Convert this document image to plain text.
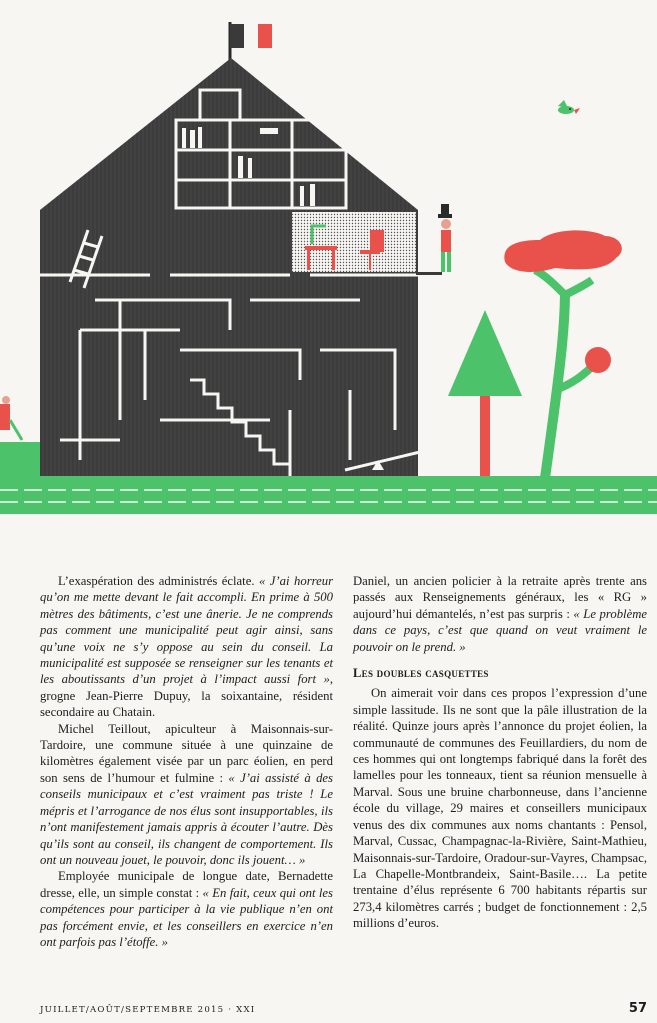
L’exaspération des administrés éclate. « J’ai horreur qu’on me mette devant le fait accompli. En prime à 500 mètres des bâtiments, c’est une ânerie. Je ne comprends pas comment une municipalité peut agir ainsi, sans qu’une voix ne s’y oppose au sein du conseil. La municipalité est supposée se renseigner sur les tenants et les aboutissants d’un projet à l’impact aussi fort », grogne Jean-Pierre Dupuy, la soixantaine, résident secondaire au Chatain.

Michel Teillout, apiculteur à Maisonnais-sur-Tardoire, une commune située à une quinzaine de kilomètres également visée par un parc éolien, en perd son sens de l’humour et fulmine : « J’ai assisté à des conseils municipaux et c’est vraiment pas triste ! Le mépris et l’arrogance de nos élus sont insupportables, ils n’ont manifestement jamais appris à écouter l’autre. Dès qu’ils sont au conseil, ils changent de comportement. Ils ont un nouveau jouet, le pouvoir, donc ils jouent… »

Employée municipale de longue date, Bernadette dresse, elle, un simple constat : « En fait, ceux qui ont les compétences pour participer à la vie publique n’en ont pas forcément envie, et les conseillers en exercice n’en ont parfois pas l’étoffe. »

Daniel, un ancien policier à la retraite après trente ans passés aux Renseignements généraux, les « RG » aujourd’hui démantelés, n’est pas surpris : « Le problème dans ce pays, c’est que quand on veut vraiment le pouvoir on le prend. »

Les doubles casquettes

On aimerait voir dans ces propos l’expression d’une simple lassitude. Ils ne sont que la pâle illustration de la réalité. Quinze jours après l’annonce du projet éolien, la communauté de communes des Feuillardiers, du nom de ces hommes qui ont longtemps fabriqué dans la forêt des lamelles pour les tonneaux, tient sa réunion mensuelle à Marval. Sous une bruine charbonneuse, dans l’ancienne école du village, 29 maires et conseillers municipaux venus des dix communes aux noms chantants : Pensol, Marval, Cussac, Champagnac-la-Rivière, Saint-Mathieu, Maisonnais-sur-Tardoire, Oradour-sur-Vayres, Champsac, La Chapelle-Montbrandeix, Saint-Basile…. La petite trentaine d’élus représente 6 700 habitants répartis sur 273,4 kilomètres carrés ; budget de fonctionnement : 2,5 millions d’euros.

JUILLET/AOÛT/SEPTEMBRE 2015 · XXI	57
